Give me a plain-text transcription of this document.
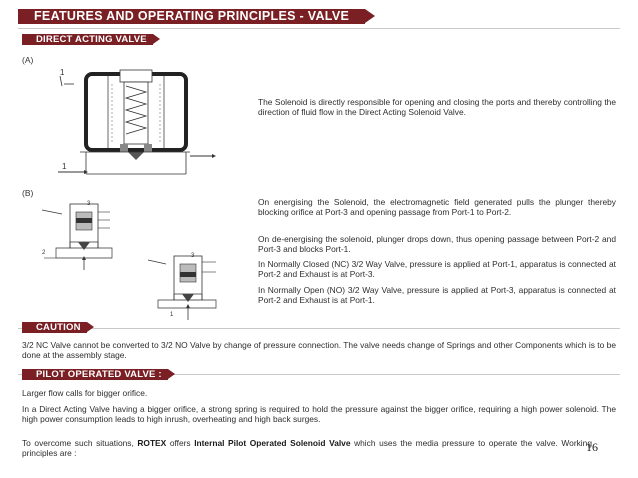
FEATURES AND OPERATING PRINCIPLES - VALVE
DIRECT ACTING VALVE
(A)
1
1
The Solenoid is directly responsible for opening and closing the ports and thereby controlling the direction of fluid flow in the Direct Acting Solenoid Valve.
(B)
3
2	3
1
On energising the Solenoid, the electromagnetic field generated pulls the plunger thereby blocking orifice at Port-3 and opening passage from Port-1 to Port-2.
On de-energising the solenoid, plunger drops down, thus opening passage between Port-2 and Port-3 and blocks Port-1.
In Normally Closed (NC) 3/2 Way Valve, pressure is applied at Port-1, apparatus is connected at Port-2 and Exhaust is at Port-3.
In Normally Open (NO) 3/2 Way Valve, pressure is applied at Port-3, apparatus is connected at Port-2 and Exhaust is at Port-1.
CAUTION
3/2 NC Valve cannot be converted to 3/2 NO Valve by change of pressure connection. The valve needs change of Springs and other Components which is to be done at the assembly stage.
PILOT OPERATED VALVE :
Larger flow calls for bigger orifice.
In a Direct Acting Valve having a bigger orifice, a strong spring is required to hold the pressure against the bigger orifice, requiring a high power solenoid. The high power consumption leads to high inrush, overheating and high back surges.
To overcome such situations, ROTEX offers Internal Pilot Operated Solenoid Valve which uses the media pressure to operate the valve. Working principles are :	16
